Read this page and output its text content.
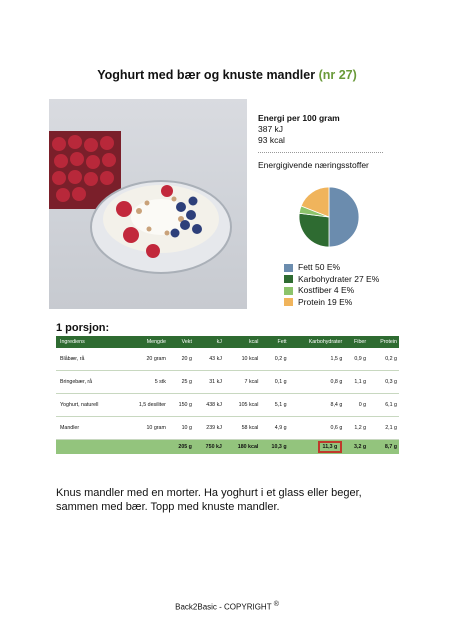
Yoghurt med bær og knuste mandler (nr 27)
Energi per 100 gram
387 kJ
93 kcal
Energigivende næringsstoffer
Fett 50 E%
Karbohydrater 27 E%
Kostfiber 4 E%
Protein 19 E%
1 porsjon:
Ingrediens	Mengde	Vekt	kJ	kcal	Fett	Karbohydrater	Fiber	Protein
Blåbær, rå	20 gram	20 g	43 kJ	10 kcal	0,2 g	1,5 g	0,9 g	0,2 g
Bringebær, rå	5 stk	25 g	31 kJ	7 kcal	0,1 g	0,8 g	1,1 g	0,3 g
Yoghurt, naturell	1,5 desiliter	150 g	438 kJ	105 kcal	5,1 g	8,4 g	0 g	6,1 g
Mandler	10 gram	10 g	239 kJ	58 kcal	4,9 g	0,6 g	1,2 g	2,1 g
		205 g	750 kJ	180 kcal	10,3 g	11,3 g	3,2 g	8,7 g
Knus mandler med en morter. Ha yoghurt i et glass eller beger, sammen med bær. Topp med knuste mandler.
Back2Basic - COPYRIGHT ®
